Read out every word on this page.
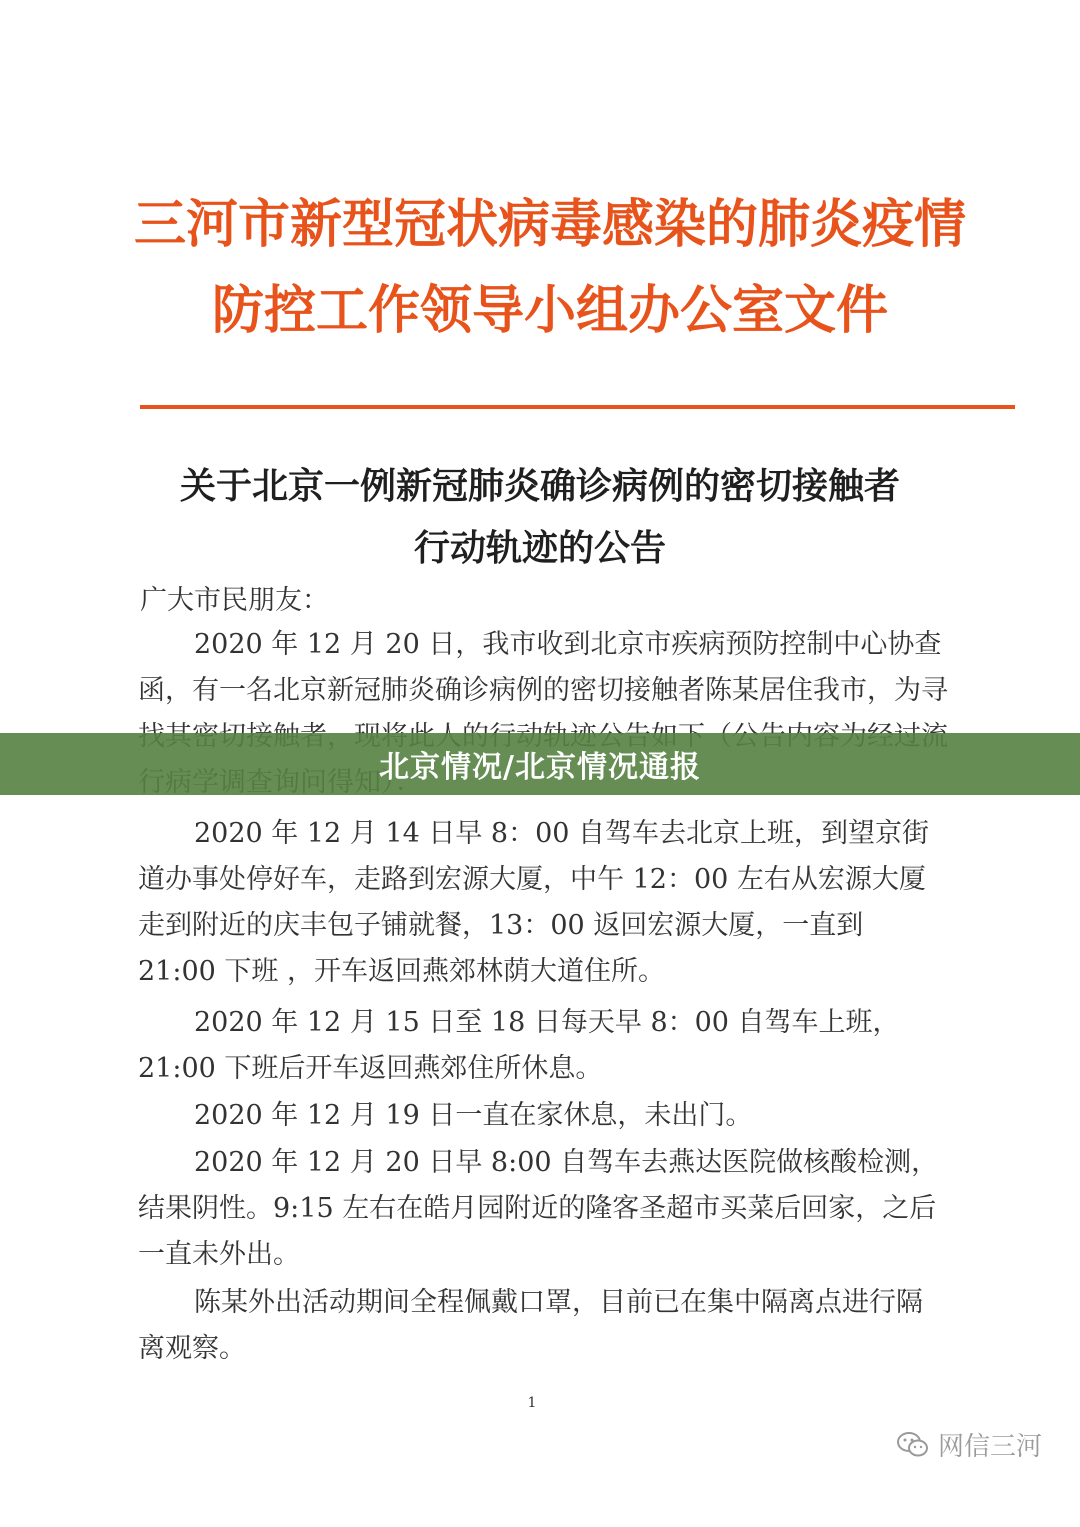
三河市新型冠状病毒感染的肺炎疫情
防控工作领导小组办公室文件
关于北京一例新冠肺炎确诊病例的密切接触者
行动轨迹的公告
广大市民朋友：

2020 年 12 月 20 日，我市收到北京市疾病预防控制中心协查函，有一名北京新冠肺炎确诊病例的密切接触者陈某居住我市，为寻

2020 年 12 月 14 日早 8：00 自驾车去北京上班，到望京街道办事处停好车，走路到宏源大厦，中午 12：00 左右从宏源大厦走到附近的庆丰包子铺就餐，13：00 返回宏源大厦，一直到 21:00 下班 ，开车返回燕郊林荫大道住所。

2020 年 12 月 15 日至 18 日每天早 8：00 自驾车上班，21:00 下班后开车返回燕郊住所休息。

2020 年 12 月 19 日一直在家休息，未出门。

2020 年 12 月 20 日早 8:00 自驾车去燕达医院做核酸检测，结果阴性。9:15 左右在皓月园附近的隆客圣超市买菜后回家，之后一直未外出。

陈某外出活动期间全程佩戴口罩，目前已在集中隔离点进行隔离观察。

北京情况/北京情况通报
1
网信三河
